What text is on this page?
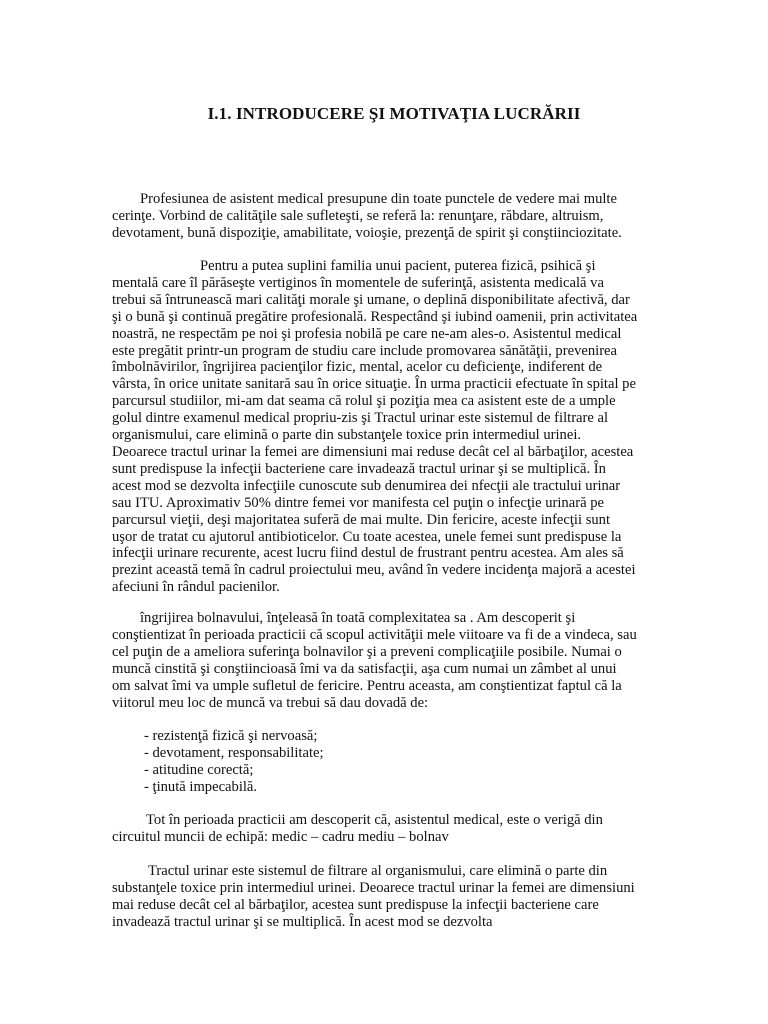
I.1. INTRODUCERE ŞI MOTIVAŢIA LUCRĂRII
Profesiunea de asistent medical presupune din toate punctele de vedere mai multe cerinţe. Vorbind de calităţile sale sufleteşti, se referă la: renunţare, răbdare, altruism, devotament, bună dispoziţie, amabilitate, voioşie, prezenţă de spirit şi conştiinciozitate.
Pentru a putea suplini familia unui pacient, puterea fizică, psihică şi mentală care îl părăseşte vertiginos în momentele de suferinţă, asistenta medicală va trebui să întrunească mari calităţi morale şi umane, o deplină disponibilitate afectivă, dar şi o bună şi continuă pregătire profesională. Respectând şi iubind oamenii, prin activitatea noastră, ne respectăm pe noi şi profesia nobilă pe care ne-am ales-o. Asistentul medical este pregătit printr-un program de studiu care include promovarea sănătăţii, prevenirea îmbolnăvirilor, îngrijirea pacienţilor fizic, mental, acelor cu deficienţe, indiferent de vârsta, în orice unitate sanitară sau în orice situaţie. În urma practicii efectuate în spital pe parcursul studiilor, mi-am dat seama că rolul şi poziţia mea ca asistent este de a umple golul dintre examenul medical propriu-zis şi Tractul urinar este sistemul de filtrare al organismului, care elimină o parte din substanţele toxice prin intermediul urinei. Deoarece tractul urinar la femei are dimensiuni mai reduse decât cel al bărbaţilor, acestea sunt predispuse la infecţii bacteriene care invadează tractul urinar şi se multiplică. În acest mod se dezvolta infecţiile cunoscute sub denumirea dei nfecţii ale tractului urinar sau ITU. Aproximativ 50% dintre femei vor manifesta cel puţin o infecţie urinară pe parcursul vieţii, deşi majoritatea suferă de mai multe. Din fericire, aceste infecţii sunt uşor de tratat cu ajutorul antibioticelor. Cu toate acestea, unele femei sunt predispuse la infecţii urinare recurente, acest lucru fiind destul de frustrant pentru acestea. Am ales să prezint această temă în cadrul proiectului meu, având în vedere incidenţa majoră a acestei afeciuni în rândul pacienilor.
îngrijirea bolnavului, înţeleasă în toată complexitatea sa . Am descoperit şi conştientizat în perioada practicii că scopul activităţii mele viitoare va fi de a vindeca, sau cel puţin de a ameliora suferinţa bolnavilor şi a preveni complicaţiile posibile. Numai o muncă cinstită şi conştiincioasă îmi va da satisfacţii, aşa cum numai un zâmbet al unui om salvat îmi va umple sufletul de fericire. Pentru aceasta, am conştientizat faptul că la viitorul meu loc de muncă va trebui să dau dovadă de:
- rezistenţă fizică şi nervoasă;
- devotament, responsabilitate;
- atitudine corectă;
- ţinută impecabilă.
Tot în perioada practicii am descoperit că, asistentul medical, este o verigă din circuitul muncii de echipă: medic – cadru mediu – bolnav
Tractul urinar este sistemul de filtrare al organismului, care elimină o parte din substanţele toxice prin intermediul urinei. Deoarece tractul urinar la femei are dimensiuni mai reduse decât cel al bărbaţilor, acestea sunt predispuse la infecţii bacteriene care invadează tractul urinar şi se multiplică. În acest mod se dezvolta
